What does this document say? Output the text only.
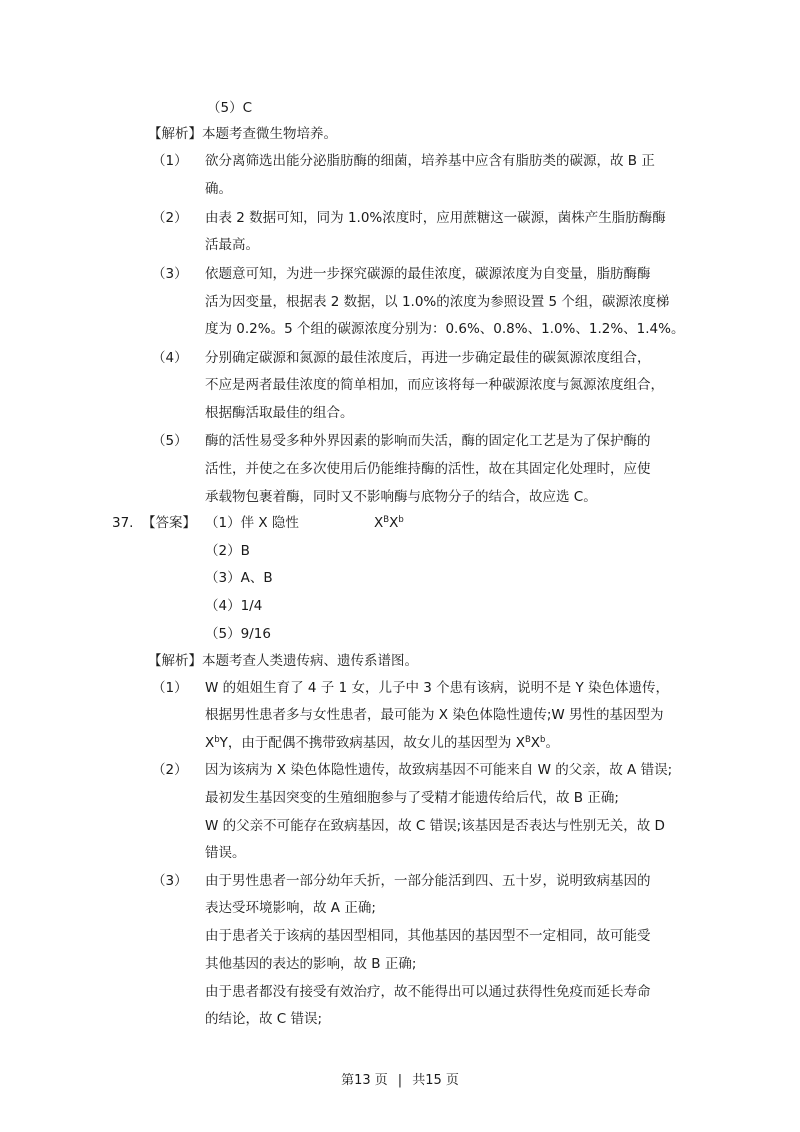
（5）C
【解析】本题考查微生物培养。
（1） 欲分离筛选出能分泌脂肪酶的细菌，培养基中应含有脂肪类的碳源，故 B 正
确。
（2） 由表 2 数据可知，同为 1.0%浓度时，应用蔗糖这一碳源，菌株产生脂肪酶酶
活最高。
（3） 依题意可知，为进一步探究碳源的最佳浓度，碳源浓度为自变量，脂肪酶酶
活为因变量，根据表 2 数据，以 1.0%的浓度为参照设置 5 个组，碳源浓度梯
度为 0.2%。5 个组的碳源浓度分别为：0.6%、0.8%、1.0%、1.2%、1.4%。
（4） 分别确定碳源和氮源的最佳浓度后，再进一步确定最佳的碳氮源浓度组合，
不应是两者最佳浓度的简单相加，而应该将每一种碳源浓度与氮源浓度组合，
根据酶活取最佳的组合。
（5） 酶的活性易受多种外界因素的影响而失活，酶的固定化工艺是为了保护酶的
活性，并使之在多次使用后仍能维持酶的活性，故在其固定化处理时，应使
承载物包裹着酶，同时又不影响酶与底物分子的结合，故应选 C。
37. 【答案】 （1）伴 X 隐性	$X^BX^b$
（2）B
（3）A、B
（4）1/4
（5）9/16
【解析】本题考查人类遗传病、遗传系谱图。
（1） W 的姐姐生育了 4 子 1 女，儿子中 3 个患有该病，说明不是 Y 染色体遗传，
根据男性患者多与女性患者，最可能为 X 染色体隐性遗传;W 男性的基因型为
$X^bY$，由于配偶不携带致病基因，故女儿的基因型为 $X^BX^b$。
（2） 因为该病为 X 染色体隐性遗传，故致病基因不可能来自 W 的父亲，故 A 错误;
最初发生基因突变的生殖细胞参与了受精才能遗传给后代，故 B 正确;
W 的父亲不可能存在致病基因，故 C 错误;该基因是否表达与性别无关，故 D
错误。
（3） 由于男性患者一部分幼年夭折，一部分能活到四、五十岁，说明致病基因的
表达受环境影响，故 A 正确;
由于患者关于该病的基因型相同，其他基因的基因型不一定相同，故可能受
其他基因的表达的影响，故 B 正确;
由于患者都没有接受有效治疗，故不能得出可以通过获得性免疫而延长寿命
的结论，故 C 错误;
第13 页 | 共15 页
